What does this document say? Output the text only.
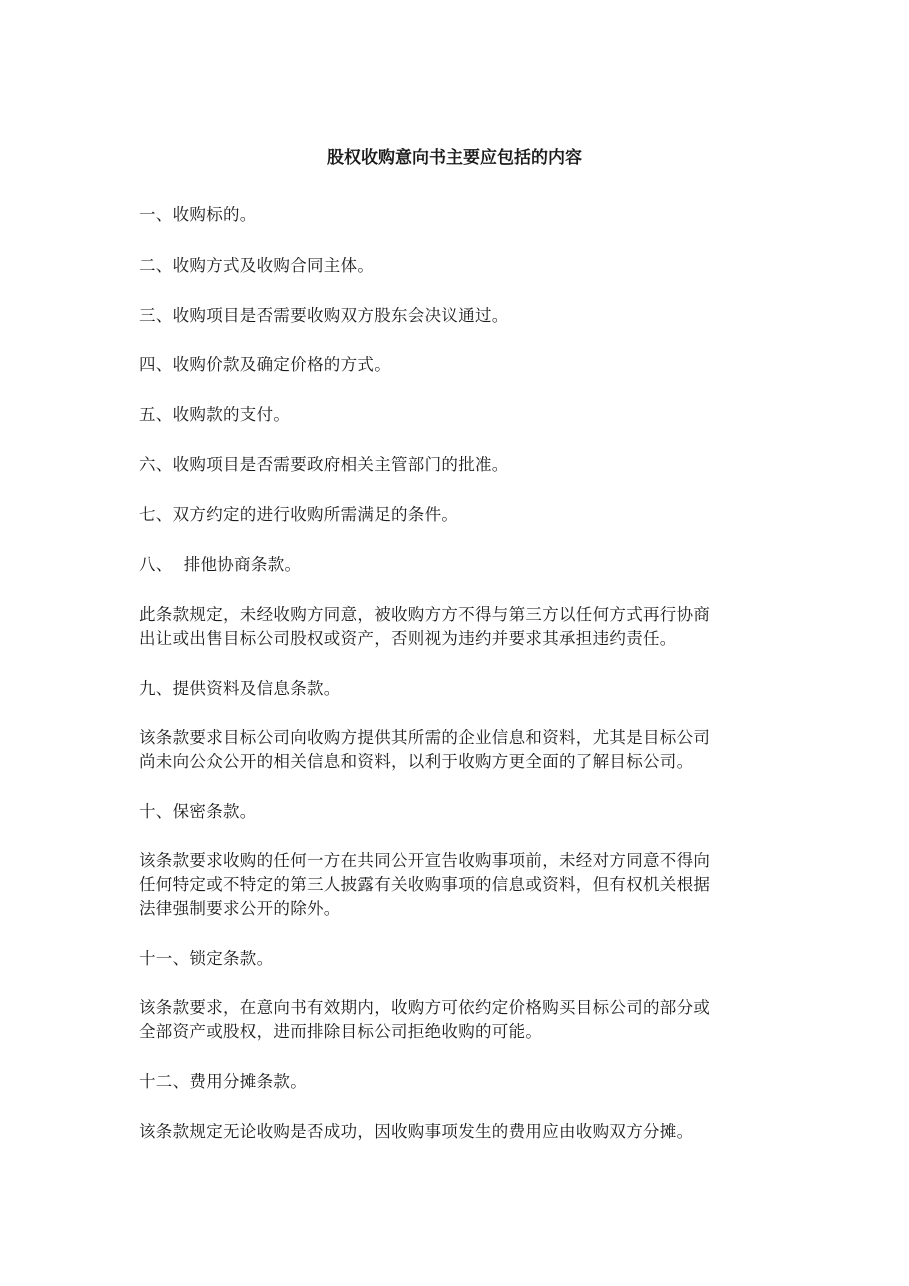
股权收购意向书主要应包括的内容
一、收购标的。
二、收购方式及收购合同主体。
三、收购项目是否需要收购双方股东会决议通过。
四、收购价款及确定价格的方式。
五、收购款的支付。
六、收购项目是否需要政府相关主管部门的批准。
七、双方约定的进行收购所需满足的条件。
八、  排他协商条款。
此条款规定，未经收购方同意，被收购方方不得与第三方以任何方式再行协商
出让或出售目标公司股权或资产，否则视为违约并要求其承担违约责任。
九、提供资料及信息条款。
该条款要求目标公司向收购方提供其所需的企业信息和资料，尤其是目标公司
尚未向公众公开的相关信息和资料，以利于收购方更全面的了解目标公司。
十、保密条款。
该条款要求收购的任何一方在共同公开宣告收购事项前，未经对方同意不得向
任何特定或不特定的第三人披露有关收购事项的信息或资料，但有权机关根据
法律强制要求公开的除外。
十一、锁定条款。
该条款要求，在意向书有效期内，收购方可依约定价格购买目标公司的部分或
全部资产或股权，进而排除目标公司拒绝收购的可能。
十二、费用分摊条款。
该条款规定无论收购是否成功，因收购事项发生的费用应由收购双方分摊。
